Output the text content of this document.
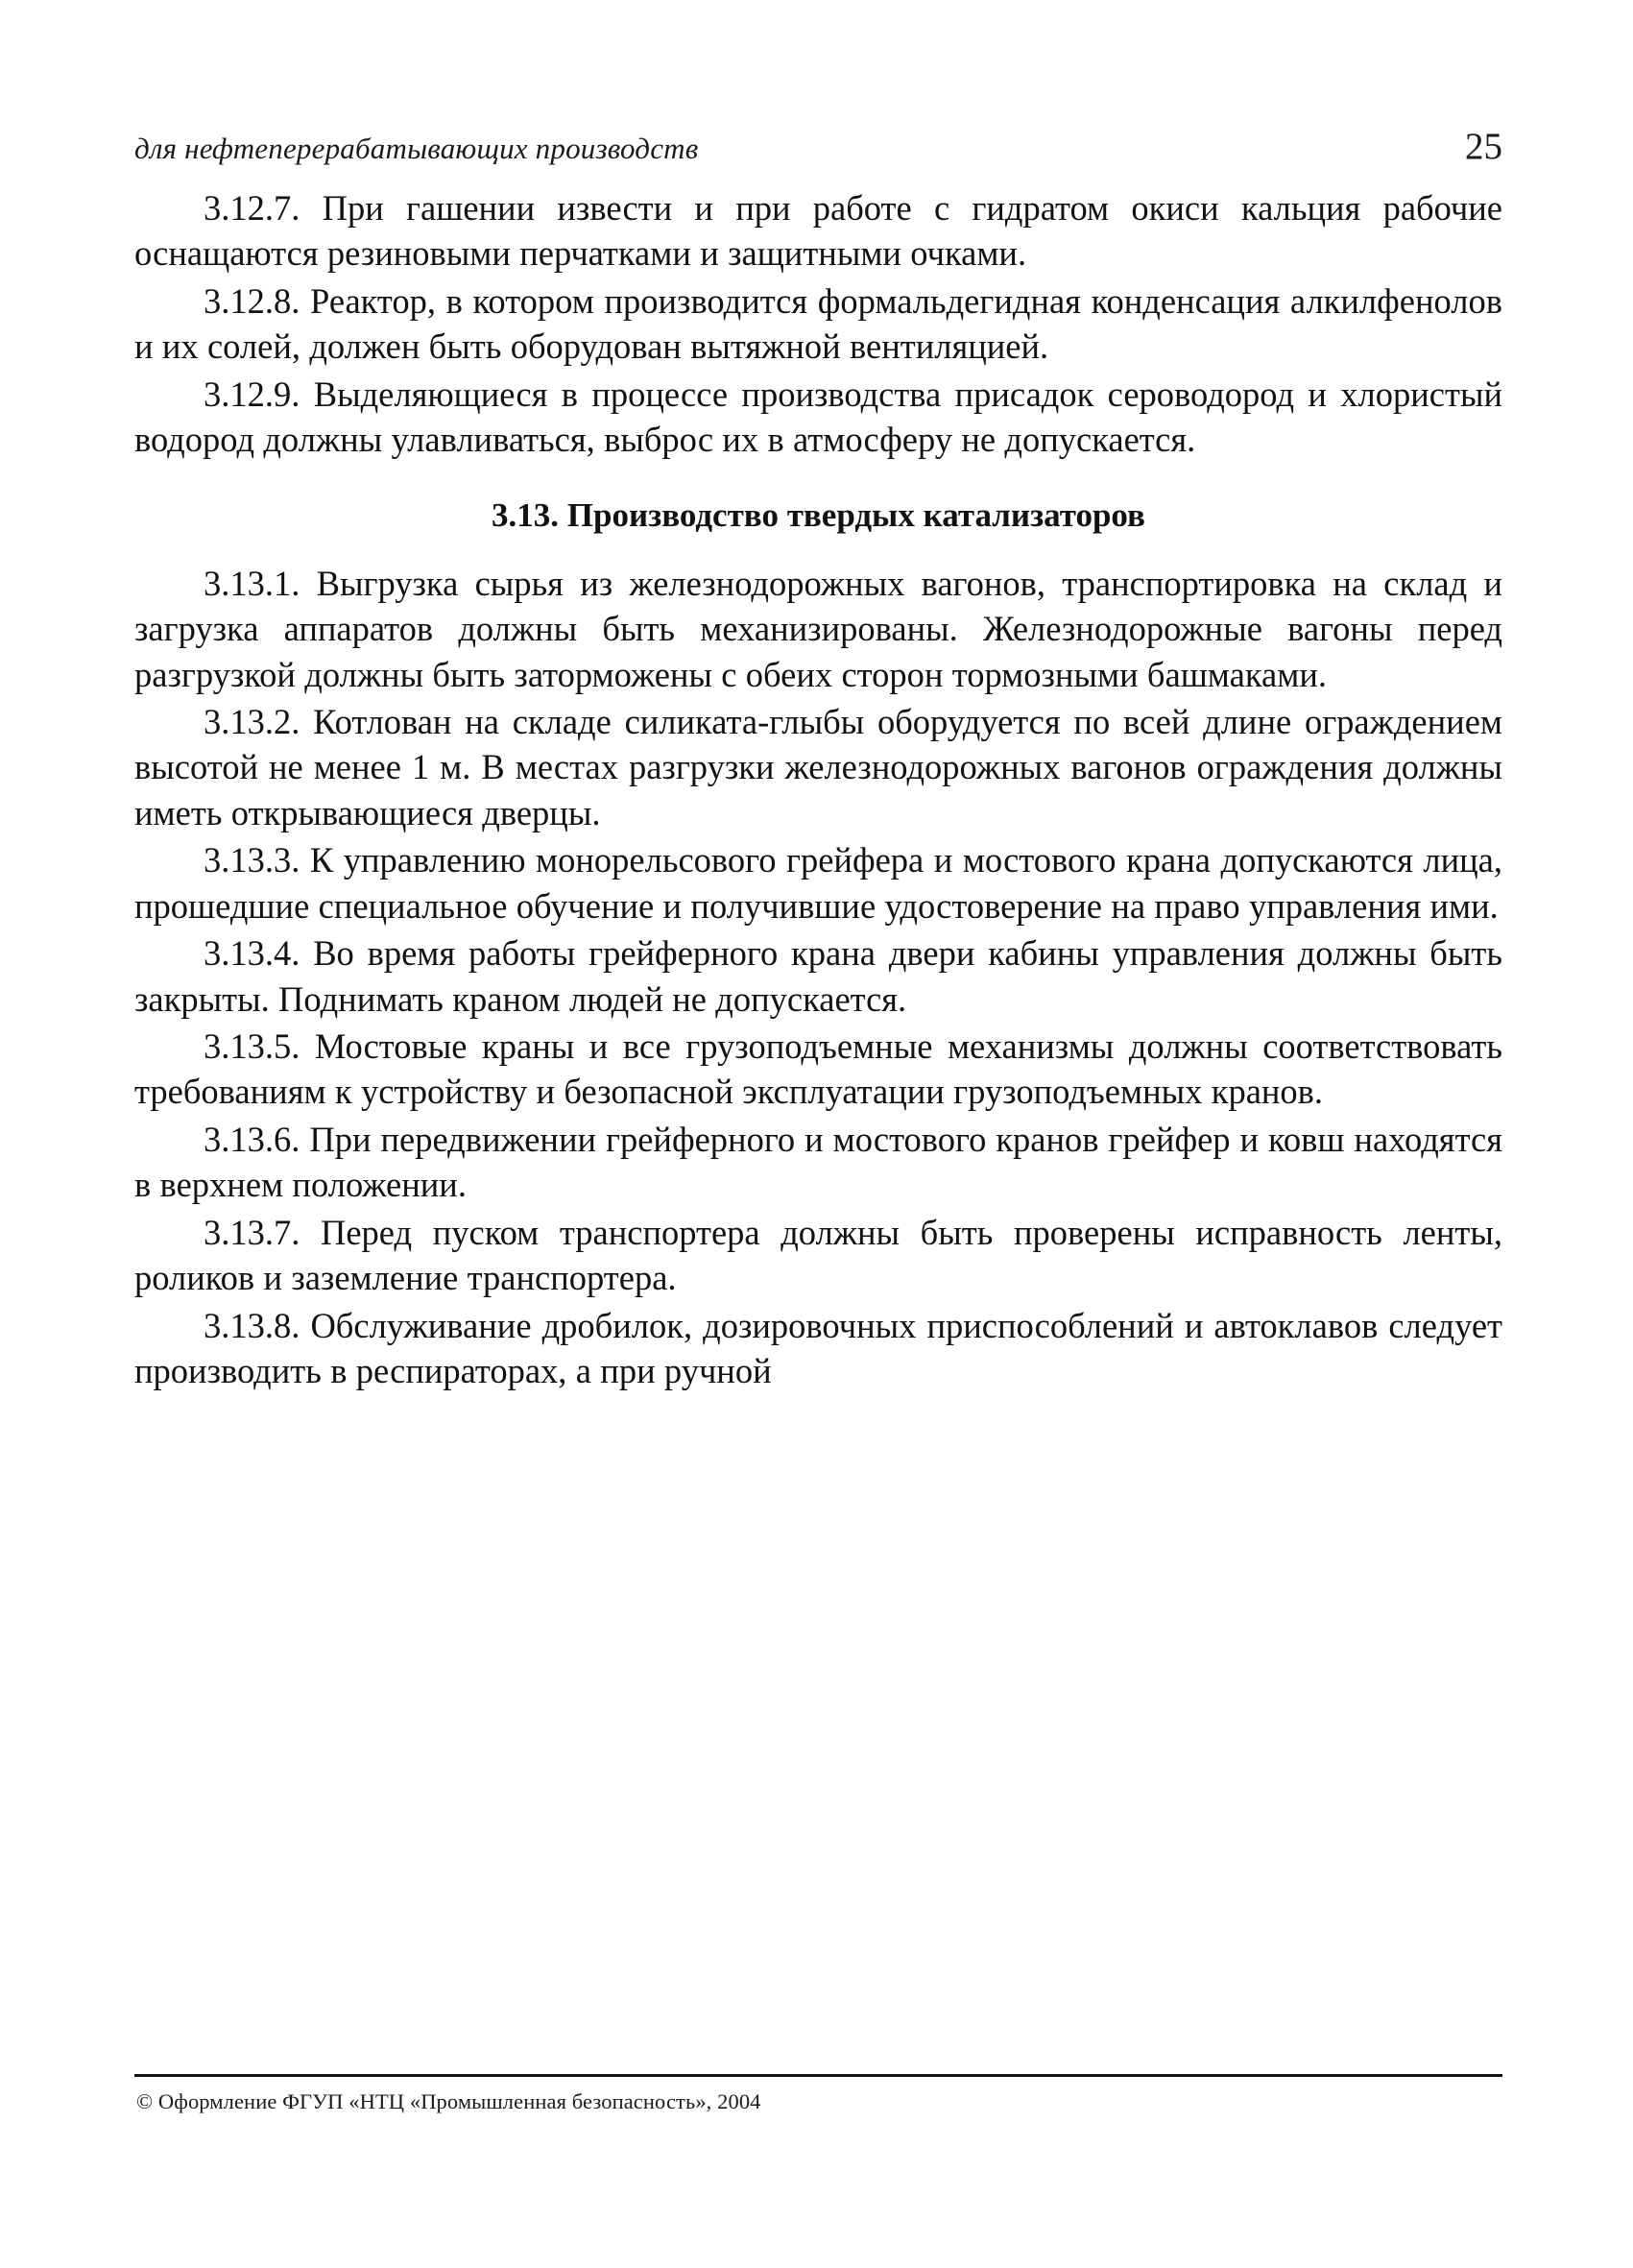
для нефтеперерабатывающих производств	25

3.12.7. При гашении извести и при работе с гидратом окиси кальция рабочие оснащаются резиновыми перчатками и защитными очками.

3.12.8. Реактор, в котором производится формальдегидная конденсация алкилфенолов и их солей, должен быть оборудован вытяжной вентиляцией.

3.12.9. Выделяющиеся в процессе производства присадок сероводород и хлористый водород должны улавливаться, выброс их в атмосферу не допускается.

3.13. Производство твердых катализаторов

3.13.1. Выгрузка сырья из железнодорожных вагонов, транспортировка на склад и загрузка аппаратов должны быть механизированы. Железнодорожные вагоны перед разгрузкой должны быть заторможены с обеих сторон тормозными башмаками.

3.13.2. Котлован на складе силиката-глыбы оборудуется по всей длине ограждением высотой не менее 1 м. В местах разгрузки железнодорожных вагонов ограждения должны иметь открывающиеся дверцы.

3.13.3. К управлению монорельсового грейфера и мостового крана допускаются лица, прошедшие специальное обучение и получившие удостоверение на право управления ими.

3.13.4. Во время работы грейферного крана двери кабины управления должны быть закрыты. Поднимать краном людей не допускается.

3.13.5. Мостовые краны и все грузоподъемные механизмы должны соответствовать требованиям к устройству и безопасной эксплуатации грузоподъемных кранов.

3.13.6. При передвижении грейферного и мостового кранов грейфер и ковш находятся в верхнем положении.

3.13.7. Перед пуском транспортера должны быть проверены исправность ленты, роликов и заземление транспортера.

3.13.8. Обслуживание дробилок, дозировочных приспособлений и автоклавов следует производить в респираторах, а при ручной

© Оформление ФГУП «НТЦ «Промышленная безопасность», 2004
